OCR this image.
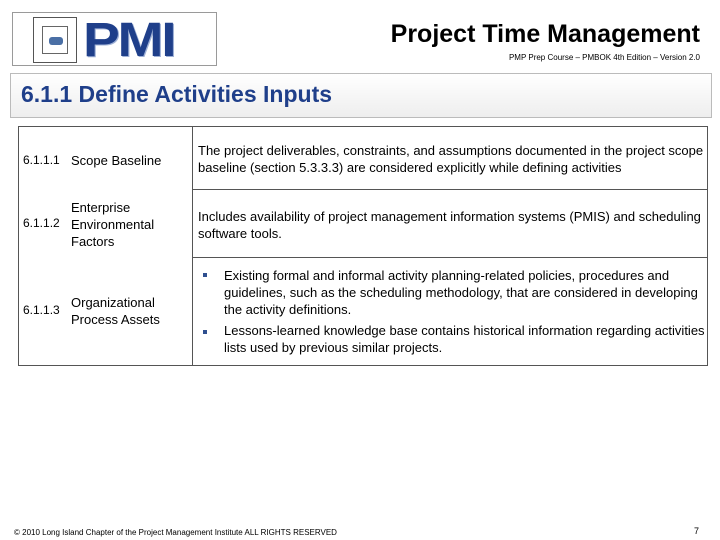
PMI	Project Time Management
PMP Prep Course – PMBOK 4th Edition – Version 2.0
6.1.1 Define Activities Inputs
6.1.1.1 Scope Baseline
The project deliverables, constraints, and assumptions documented in the project scope baseline (section 5.3.3.3) are considered explicitly while defining activities
6.1.1.2
Enterprise Environmental Factors
Includes availability of project management information systems (PMIS) and scheduling software tools.
6.1.1.3 Organizational Process Assets
Existing formal and informal activity planning-related policies, procedures and guidelines, such as the scheduling methodology, that are considered in developing the activity definitions.
Lessons-learned knowledge base contains historical information regarding activities lists used by previous similar projects.
© 2010 Long Island Chapter of the Project Management Institute ALL RIGHTS RESERVED	7
